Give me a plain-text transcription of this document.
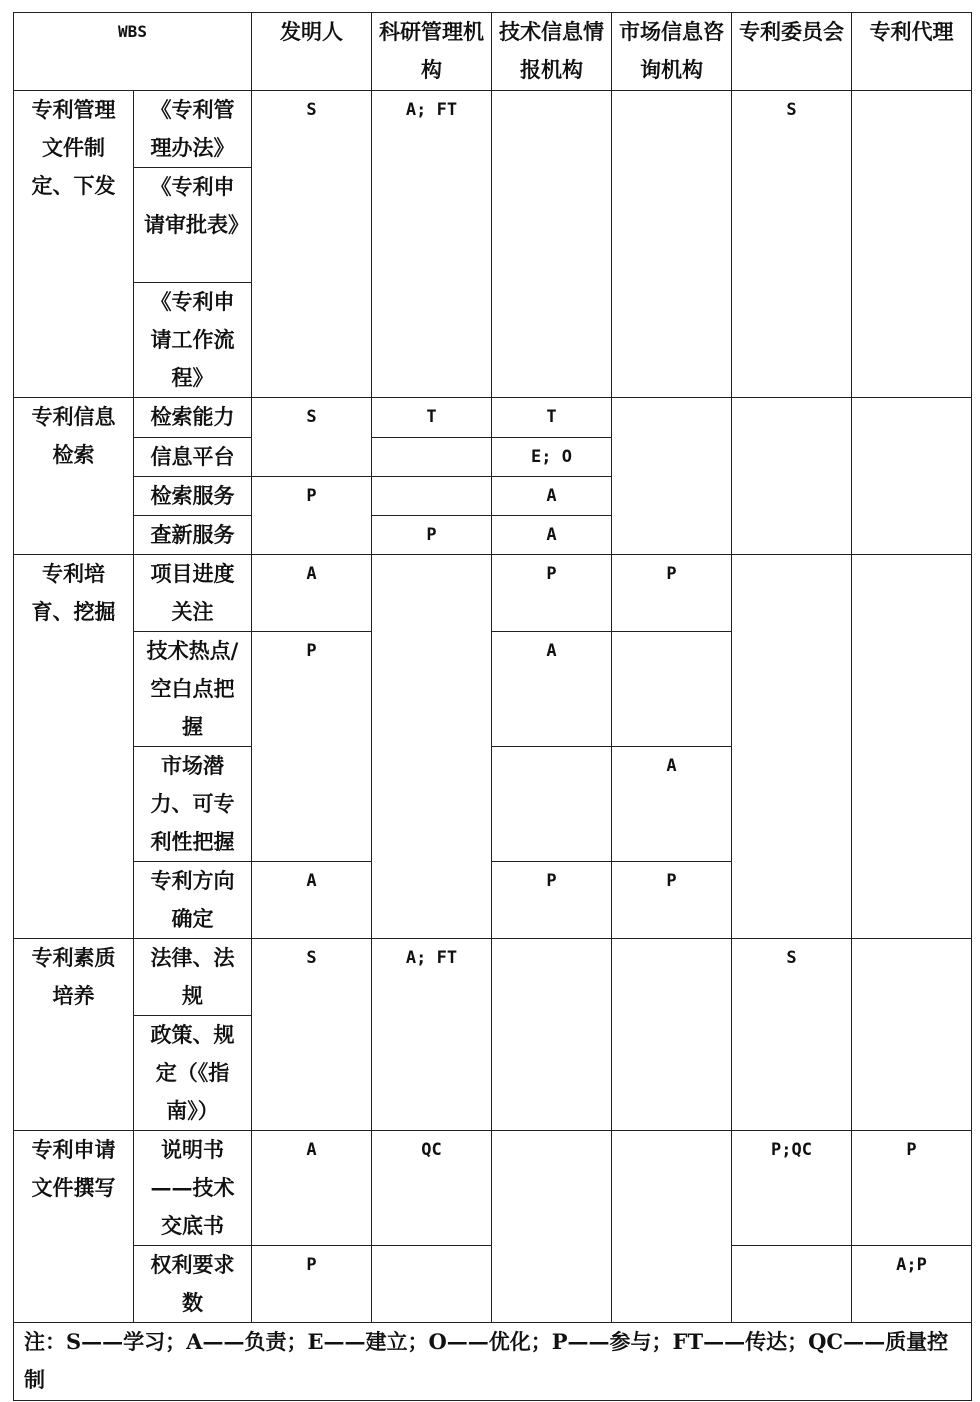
WBS		发明人	科研管理机构	技术信息情报机构	市场信息咨询机构	专利委员会	专利代理
专利管理文件制定、下发	《专利管理办法》	S	A; FT			S	
	《专利申请审批表》						
	《专利申请工作流程》						
专利信息检索	检索能力	S	T	T			
	信息平台			E; O			
	检索服务	P		A			
	查新服务		P	A			
专利培育、挖掘	项目进度关注	A		P	P		
	技术热点/空白点把握	P		A			
	市场潜力、可专利性把握				A		
	专利方向确定	A		P	P		
专利素质培养	法律、法规	S	A; FT			S	
	政策、规定（《指南》）						
专利申请文件撰写	说明书——技术交底书	A	QC			P;QC	P
	权利要求数	P					A;P
注：S——学习；A——负责；E——建立；O——优化；P——参与；FT——传达；QC——质量控制							
